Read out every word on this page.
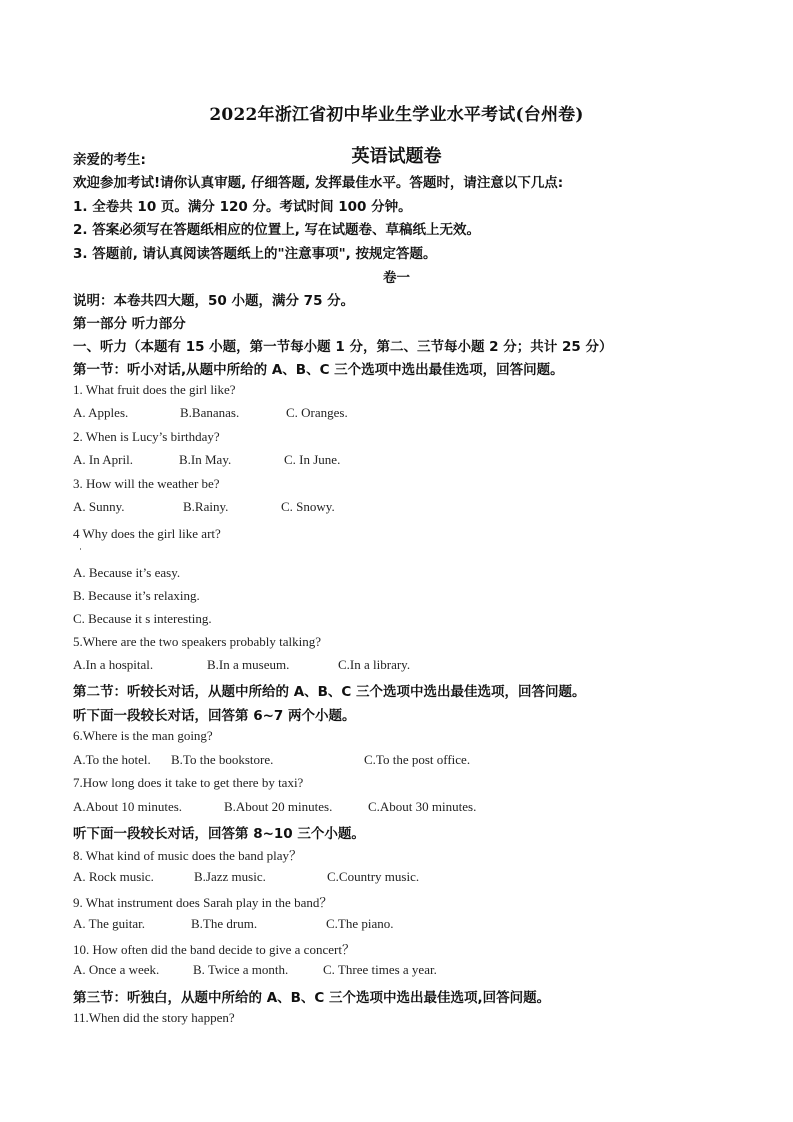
2022年浙江省初中毕业生学业水平考试(台州卷)
英语试题卷
亲爱的考生:
欢迎参加考试!请你认真审题, 仔细答题, 发挥最佳水平。答题时，请注意以下几点:
1. 全卷共 10 页。满分 120 分。考试时间 100 分钟。
2. 答案必须写在答题纸相应的位置上, 写在试题卷、草稿纸上无效。
3. 答题前, 请认真阅读答题纸上的"注意事项", 按规定答题。
卷一
说明：本卷共四大题，50 小题，满分 75 分。
第一部分 听力部分
一、听力（本题有 15 小题，第一节每小题 1 分，第二、三节每小题 2 分；共计 25 分）
第一节：听小对话,从题中所给的 A、B、C 三个选项中选出最佳选项，回答问题。
1. What fruit does the girl like?
A. Apples.	B.Bananas.	C. Oranges.
2. When is Lucy’s birthday?
A. In April.	B.In May.	C. In June.
3. How will the weather be?
A. Sunny.	B.Rainy.	C. Snowy.
4 Why does the girl like art?
A. Because it’s easy.
B. Because it’s relaxing.
C. Because it s interesting.
5.Where are the two speakers probably talking?
A.In a hospital.	B.In a museum.	C.In a library.
第二节：听较长对话，从题中所给的 A、B、C 三个选项中选出最佳选项，回答问题。
听下面一段较长对话，回答第 6~7 两个小题。
6.Where is the man going?
A.To the hotel. B.To the bookstore.	C.To the post office.
7.How long does it take to get there by taxi?
A.About 10 minutes.	B.About 20 minutes.	C.About 30 minutes.
听下面一段较长对话，回答第 8~10 三个小题。
8. What kind of music does the band play？
A. Rock music.	B.Jazz music.	C.Country music.
9. What instrument does Sarah play in the band？
A. The guitar.	B.The drum.	C.The piano.
10. How often did the band decide to give a concert？
A. Once a week.	B. Twice a month.	C. Three times a year.
第三节：听独白，从题中所给的 A、B、C 三个选项中选出最佳选项,回答问题。
11.When did the story happen?
